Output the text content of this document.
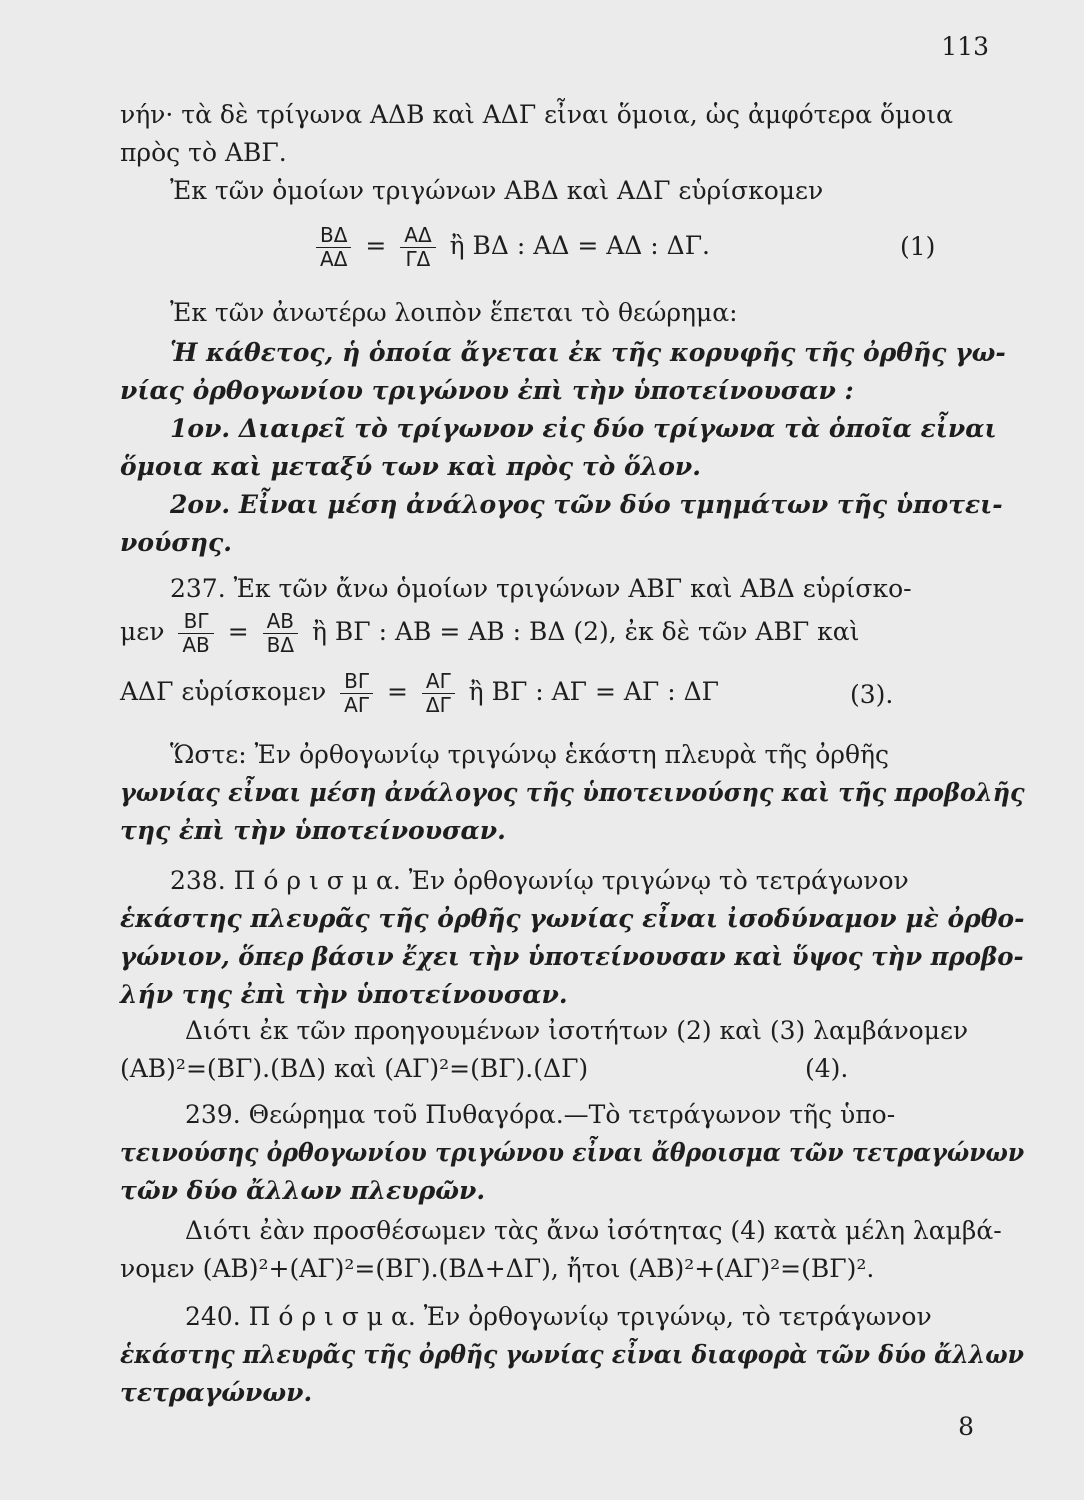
113
νήν· τὰ δὲ τρίγωνα ΑΔΒ καὶ ΑΔΓ εἶναι ὅμοια, ὡς ἀμφότερα ὅμοια
πρὸς τὸ ΑΒΓ.
Ἐκ τῶν ὁμοίων τριγώνων ΑΒΔ καὶ ΑΔΓ εὑρίσκομεν
$\frac{B\Delta}{A\Delta} = \frac{A\Delta}{\Gamma\Delta}$ ἢ ΒΔ : ΑΔ = ΑΔ : ΔΓ.	(1)
Ἐκ τῶν ἀνωτέρω λοιπὸν ἕπεται τὸ θεώρημα:
Ἡ κάθετος, ἡ ὁποία ἄγεται ἐκ τῆς κορυφῆς τῆς ὀρθῆς γω-
νίας ὀρθογωνίου τριγώνου ἐπὶ τὴν ὑποτείνουσαν :
1ον. Διαιρεῖ τὸ τρίγωνον εἰς δύο τρίγωνα τὰ ὁποῖα εἶναι
ὅμοια καὶ μεταξύ των καὶ πρὸς τὸ ὅλον.
2ον. Εἶναι μέση ἀνάλογος τῶν δύο τμημάτων τῆς ὑποτει-
νούσης.
237. Ἐκ τῶν ἄνω ὁμοίων τριγώνων ΑΒΓ καὶ ΑΒΔ εὑρίσκο-
μεν $\frac{B\Gamma}{AB} = \frac{AB}{B\Delta}$ ἢ ΒΓ : ΑΒ = ΑΒ : ΒΔ (2), ἐκ δὲ τῶν ΑΒΓ καὶ
ΑΔΓ εὑρίσκομεν $\frac{B\Gamma}{A\Gamma} = \frac{A\Gamma}{\Delta\Gamma}$ ἢ ΒΓ : ΑΓ = ΑΓ : ΔΓ	(3).
Ὥστε: Ἐν ὀρθογωνίῳ τριγώνῳ ἑκάστη πλευρὰ τῆς ὀρθῆς
γωνίας εἶναι μέση ἀνάλογος τῆς ὑποτεινούσης καὶ τῆς προβολῆς
της ἐπὶ τὴν ὑποτείνουσαν.
238. Π ό ρ ι σ μ α. Ἐν ὀρθογωνίῳ τριγώνῳ τὸ τετράγωνον
ἑκάστης πλευρᾶς τῆς ὀρθῆς γωνίας εἶναι ἰσοδύναμον μὲ ὀρθο-
γώνιον, ὅπερ βάσιν ἔχει τὴν ὑποτείνουσαν καὶ ὕψος τὴν προβο-
λήν της ἐπὶ τὴν ὑποτείνουσαν.
Διότι ἐκ τῶν προηγουμένων ἰσοτήτων (2) καὶ (3) λαμβάνομεν
(ΑΒ)²=(ΒΓ).(ΒΔ) καὶ (ΑΓ)²=(ΒΓ).(ΔΓ)	(4).
239. Θεώρημα τοῦ Πυθαγόρα.—Τὸ τετράγωνον τῆς ὑπο-
τεινούσης ὀρθογωνίου τριγώνου εἶναι ἄθροισμα τῶν τετραγώνων
τῶν δύο ἄλλων πλευρῶν.
Διότι ἐὰν προσθέσωμεν τὰς ἄνω ἰσότητας (4) κατὰ μέλη λαμβά-
νομεν (ΑΒ)²+(ΑΓ)²=(ΒΓ).(ΒΔ+ΔΓ), ἤτοι (ΑΒ)²+(ΑΓ)²=(ΒΓ)².
240. Π ό ρ ι σ μ α. Ἐν ὀρθογωνίῳ τριγώνῳ, τὸ τετράγωνον
ἑκάστης πλευρᾶς τῆς ὀρθῆς γωνίας εἶναι διαφορὰ τῶν δύο ἄλλων
τετραγώνων.
8
